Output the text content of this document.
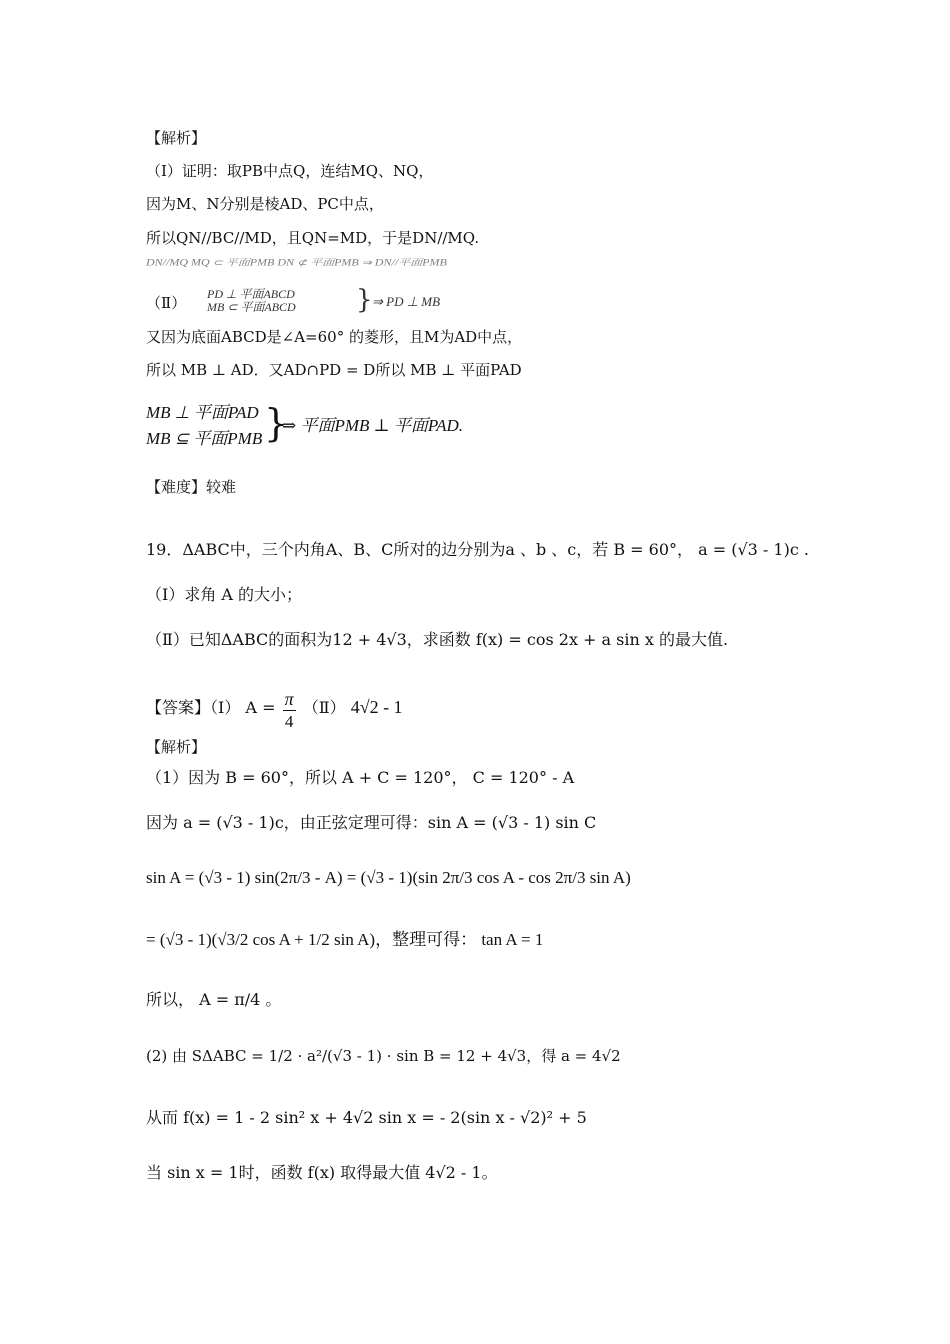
【解析】
（Ⅰ）证明：取PB中点Q，连结MQ、NQ，
因为M、N分别是棱AD、PC中点，
所以QN//BC//MD，且QN=MD，于是DN//MQ.
DN//MQ MQ ⊂ 平面PMB DN ⊄ 平面PMB ⇒ DN//平面PMB
（Ⅱ） PD ⊥ 平面ABCD
MB ⊂ 平面ABCD } ⇒ PD ⊥ MB
又因为底面ABCD是∠A=60° 的菱形，且M为AD中点，
所以 MB ⊥ AD．又AD∩PD = D所以 MB ⊥ 平面PAD
MB ⊥ 平面PAD
MB ⊆ 平面PMB }
⇒ 平面PMB ⊥ 平面PAD.
【难度】较难
19．ΔABC中，三个内角A、B、C所对的边分别为a 、b 、c，若 B = 60°， a = (√3 - 1)c .
（Ⅰ）求角 A 的大小；
（Ⅱ）已知ΔABC的面积为12 + 4√3，求函数 f(x) = cos 2x + a sin x 的最大值.
【答案】（Ⅰ） $A = \frac{\pi}{4}$ （Ⅱ） 4√2 - 1
【解析】
（1）因为 B = 60°，所以 A + C = 120°， C = 120° - A
因为 a = (√3 - 1)c，由正弦定理可得：sin A = (√3 - 1) sin C
sin A = (√3 - 1) sin(2π/3 - A) = (√3 - 1)(sin 2π/3 cos A - cos 2π/3 sin A)
= (√3 - 1)(√3/2 cos A + 1/2 sin A)，整理可得： tan A = 1
所以， A = π/4 。
(2) 由 SΔABC = 1/2 · a²/(√3 - 1) · sin B = 12 + 4√3，得 a = 4√2
从而 f(x) = 1 - 2 sin² x + 4√2 sin x = - 2(sin x - √2)² + 5
当 sin x = 1时，函数 f(x) 取得最大值 4√2 - 1。
